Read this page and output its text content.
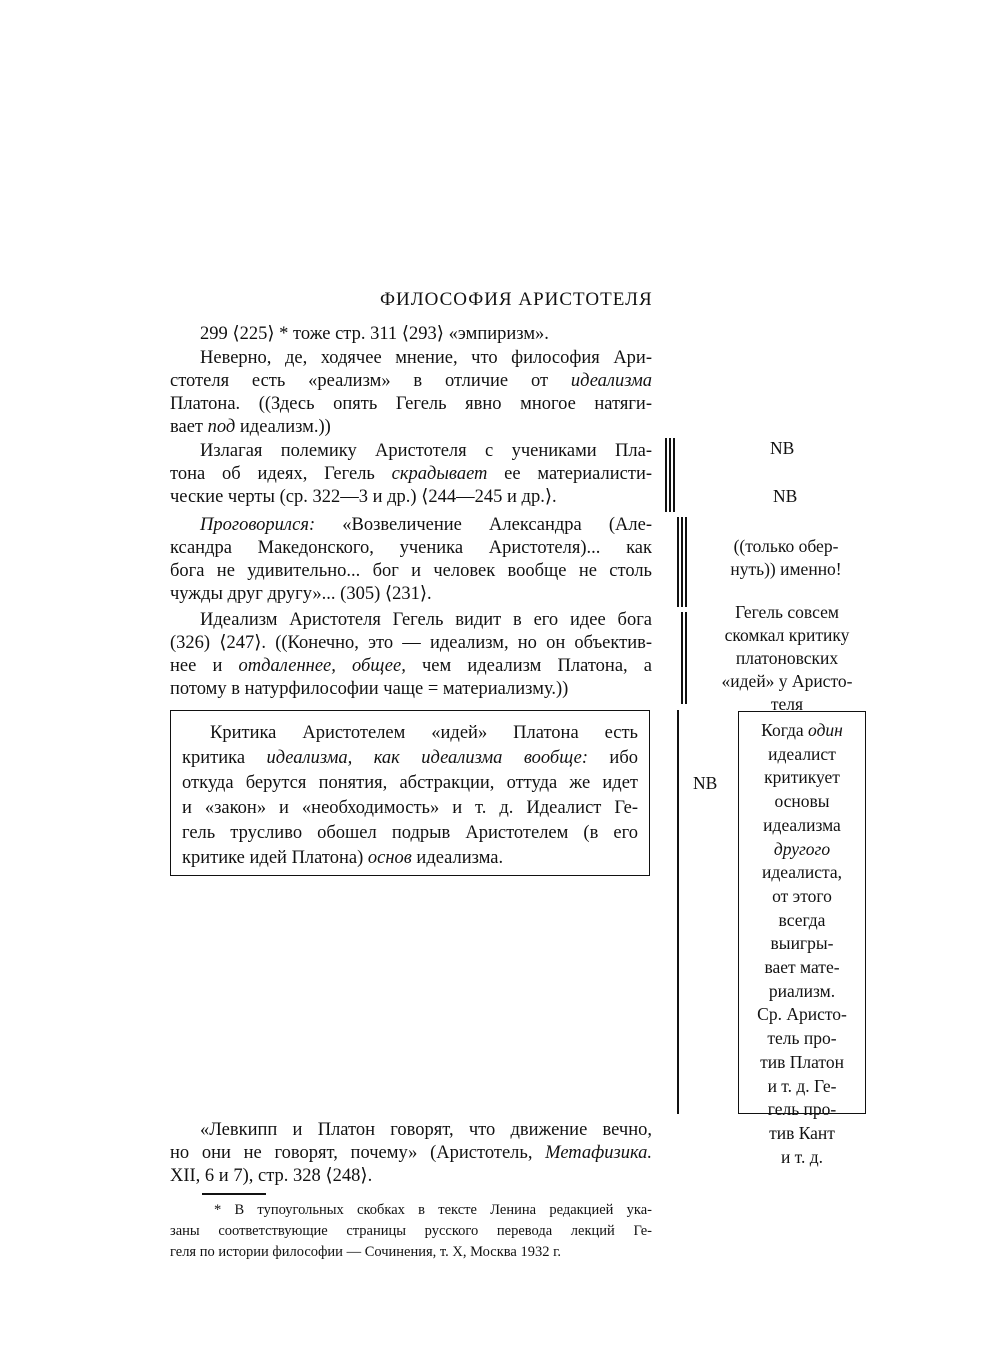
ФИЛОСОФИЯ АРИСТОТЕЛЯ
299 ⟨225⟩ * тоже стр. 311 ⟨293⟩ «эмпиризм».
Неверно, де, ходячее мнение, что философия Ари-
стотеля есть «реализм» в отличие от идеализма
Платона. ((Здесь опять Гегель явно многое натяги-
вает под идеализм.))
Излагая полемику Аристотеля с учениками Пла-
тона об идеях, Гегель скрадывает ее материалисти-
ческие черты (ср. 322—3 и др.) ⟨244—245 и др.⟩.
Проговорился: «Возвеличение Александра (Але-
ксандра Македонского, ученика Аристотеля)... как
бога не удивительно... бог и человек вообще не столь
чужды друг другу»... (305) ⟨231⟩.
Идеализм Аристотеля Гегель видит в его идее бога
(326) ⟨247⟩. ((Конечно, это — идеализм, но он объектив-
нее и отдаленнее, общее, чем идеализм Платона, а
потому в натурфилософии чаще = материализму.))
Критика Аристотелем «идей» Платона есть
критика идеализма, как идеализма вообще: ибо
откуда берутся понятия, абстракции, оттуда же идет
и «закон» и «необходимость» и т. д. Идеалист Ге-
гель трусливо обошел подрыв Аристотелем (в его
критике идей Платона) основ идеализма.
NB
NB
((только обер-
нуть)) именно!
Гегель совсем
скомкал критику
платоновских
«идей» у Аристо-
теля
NB
Когда один
идеалист
критикует
основы
идеализма
другого
идеалиста,
от этого
всегда
выигры-
вает мате-
риализм.
Ср. Аристо-
тель про-
тив Платон
и т. д. Ге-
гель про-
тив Кант
и т. д.
«Левкипп и Платон говорят, что движение вечно,
но они не говорят, почему» (Аристотель, Метафизика.
XII, 6 и 7), стр. 328 ⟨248⟩.
* В тупоугольных скобках в тексте Ленина редакцией ука-
заны соответствующие страницы русского перевода лекций Ге-
геля по истории философии — Сочинения, т. X, Москва 1932 г.
